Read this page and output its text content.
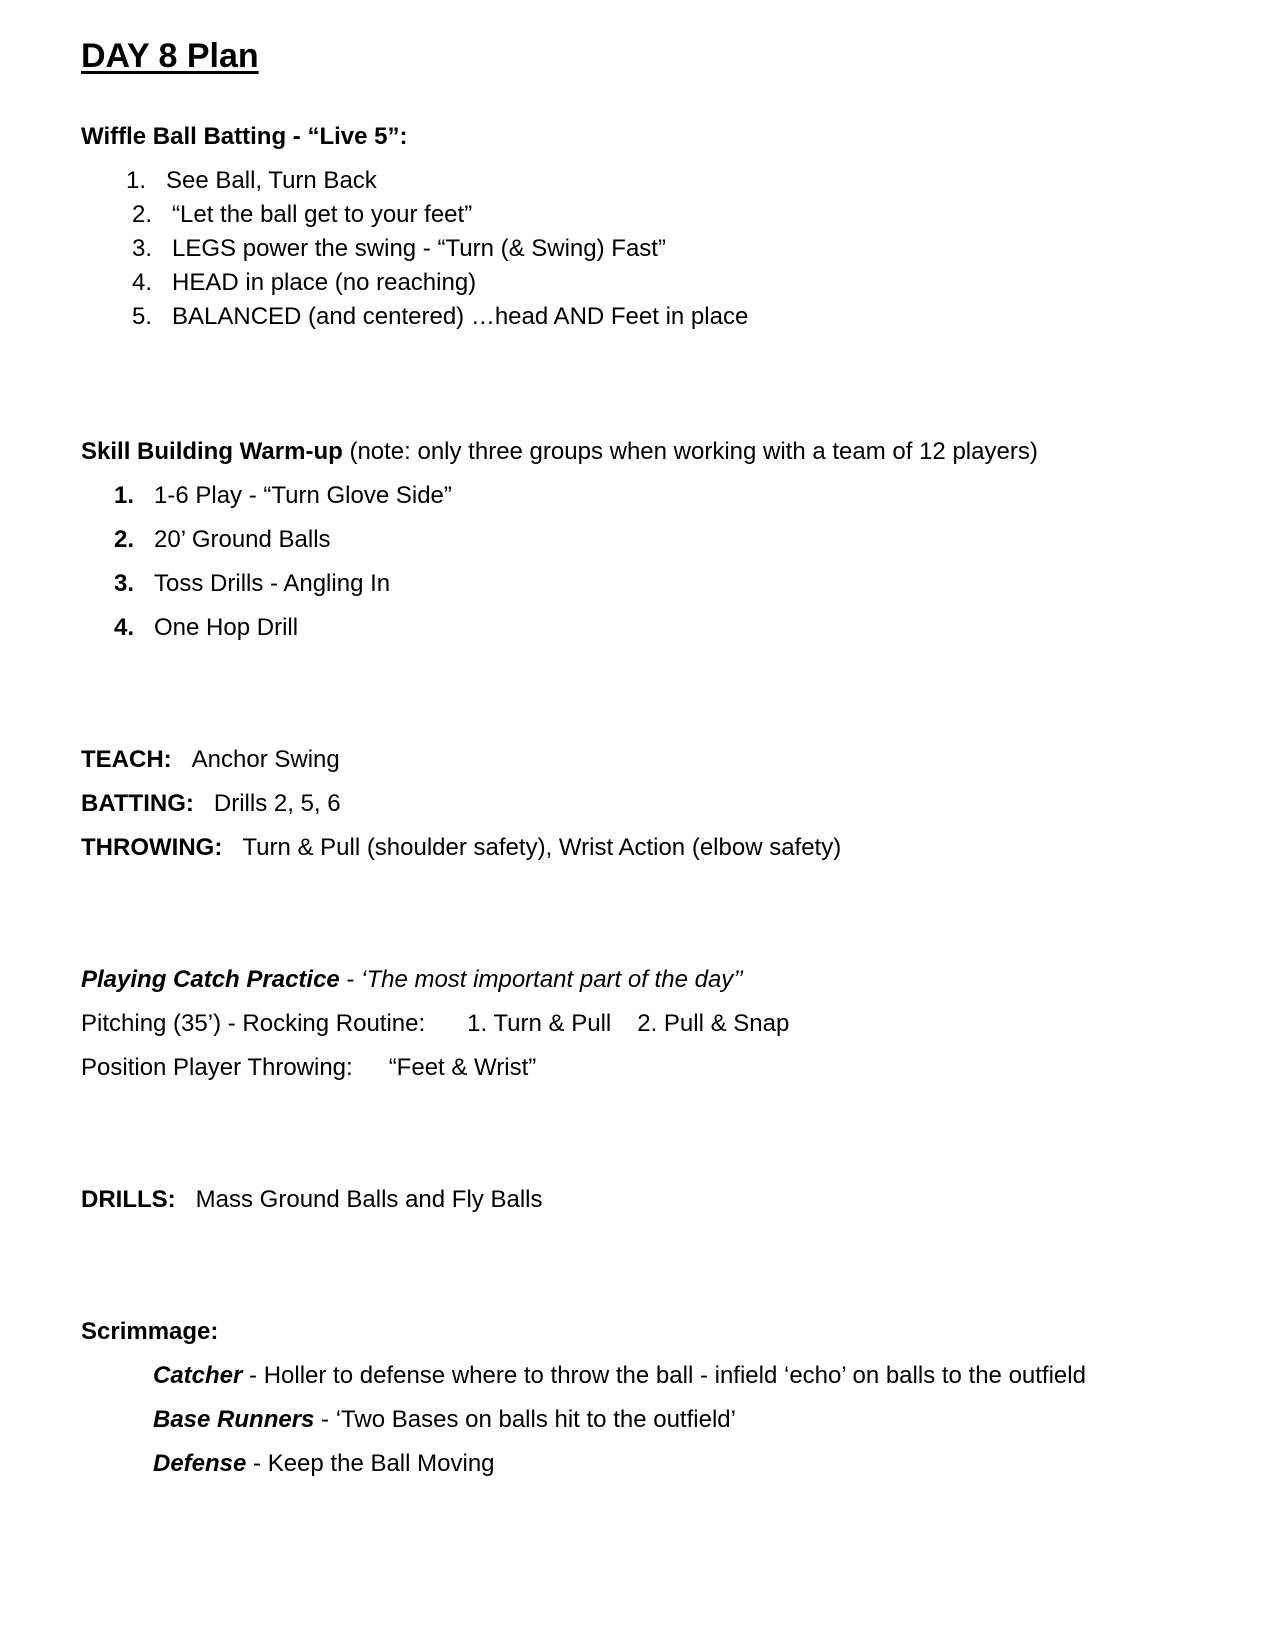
DAY 8 Plan
Wiffle Ball Batting - “Live 5”:
1. See Ball, Turn Back
2. “Let the ball get to your feet”
3. LEGS power the swing - “Turn (& Swing) Fast”
4. HEAD in place (no reaching)
5. BALANCED (and centered) …head AND Feet in place
Skill Building Warm-up (note: only three groups when working with a team of 12 players)
1. 1-6 Play - “Turn Glove Side”
2. 20’ Ground Balls
3. Toss Drills - Angling In
4. One Hop Drill
TEACH: Anchor Swing
BATTING: Drills 2, 5, 6
THROWING: Turn & Pull (shoulder safety), Wrist Action (elbow safety)
Playing Catch Practice - ‘The most important part of the day’’
Pitching (35’) - Rocking Routine: 1. Turn & Pull 2. Pull & Snap
Position Player Throwing: “Feet & Wrist”
DRILLS: Mass Ground Balls and Fly Balls
Scrimmage:
Catcher - Holler to defense where to throw the ball - infield ‘echo’ on balls to the outfield
Base Runners - ‘Two Bases on balls hit to the outfield’
Defense - Keep the Ball Moving
